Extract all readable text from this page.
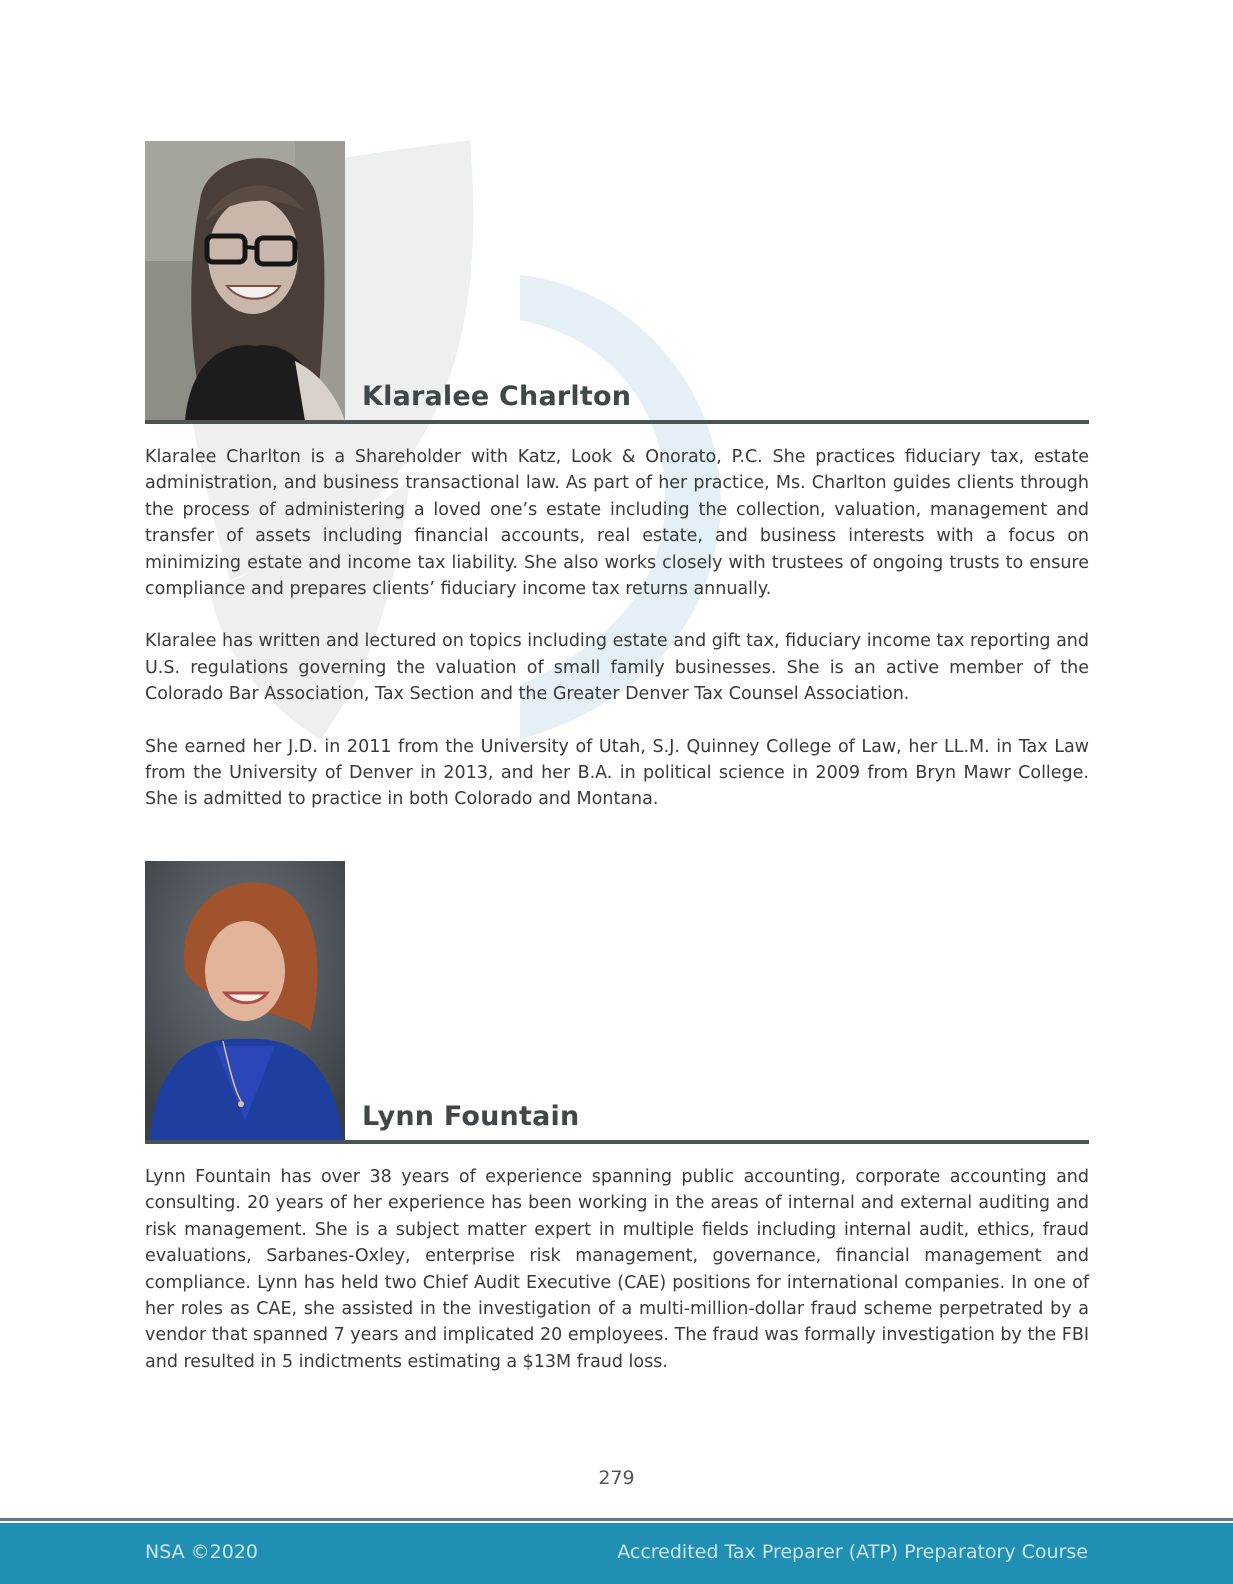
Klaralee Charlton

Klaralee Charlton is a Shareholder with Katz, Look & Onorato, P.C. She practices fiduciary tax, estate administration, and business transactional law. As part of her practice, Ms. Charlton guides clients through the process of administering a loved one’s estate including the collection, valuation, management and transfer of assets including financial accounts, real estate, and business interests with a focus on minimizing estate and income tax liability. She also works closely with trustees of ongoing trusts to ensure compliance and prepares clients’ fiduciary income tax returns annually.

Klaralee has written and lectured on topics including estate and gift tax, fiduciary income tax reporting and U.S. regulations governing the valuation of small family businesses. She is an active member of the Colorado Bar Association, Tax Section and the Greater Denver Tax Counsel Association.

She earned her J.D. in 2011 from the University of Utah, S.J. Quinney College of Law, her LL.M. in Tax Law from the University of Denver in 2013, and her B.A. in political science in 2009 from Bryn Mawr College. She is admitted to practice in both Colorado and Montana.

Lynn Fountain

Lynn Fountain has over 38 years of experience spanning public accounting, corporate accounting and consulting. 20 years of her experience has been working in the areas of internal and external auditing and risk management. She is a subject matter expert in multiple fields including internal audit, ethics, fraud evaluations, Sarbanes-Oxley, enterprise risk management, governance, financial management and compliance. Lynn has held two Chief Audit Executive (CAE) positions for international companies. In one of her roles as CAE, she assisted in the investigation of a multi-million-dollar fraud scheme perpetrated by a vendor that spanned 7 years and implicated 20 employees. The fraud was formally investigation by the FBI and resulted in 5 indictments estimating a $13M fraud loss.

279
NSA ©2020	Accredited Tax Preparer (ATP) Preparatory Course
